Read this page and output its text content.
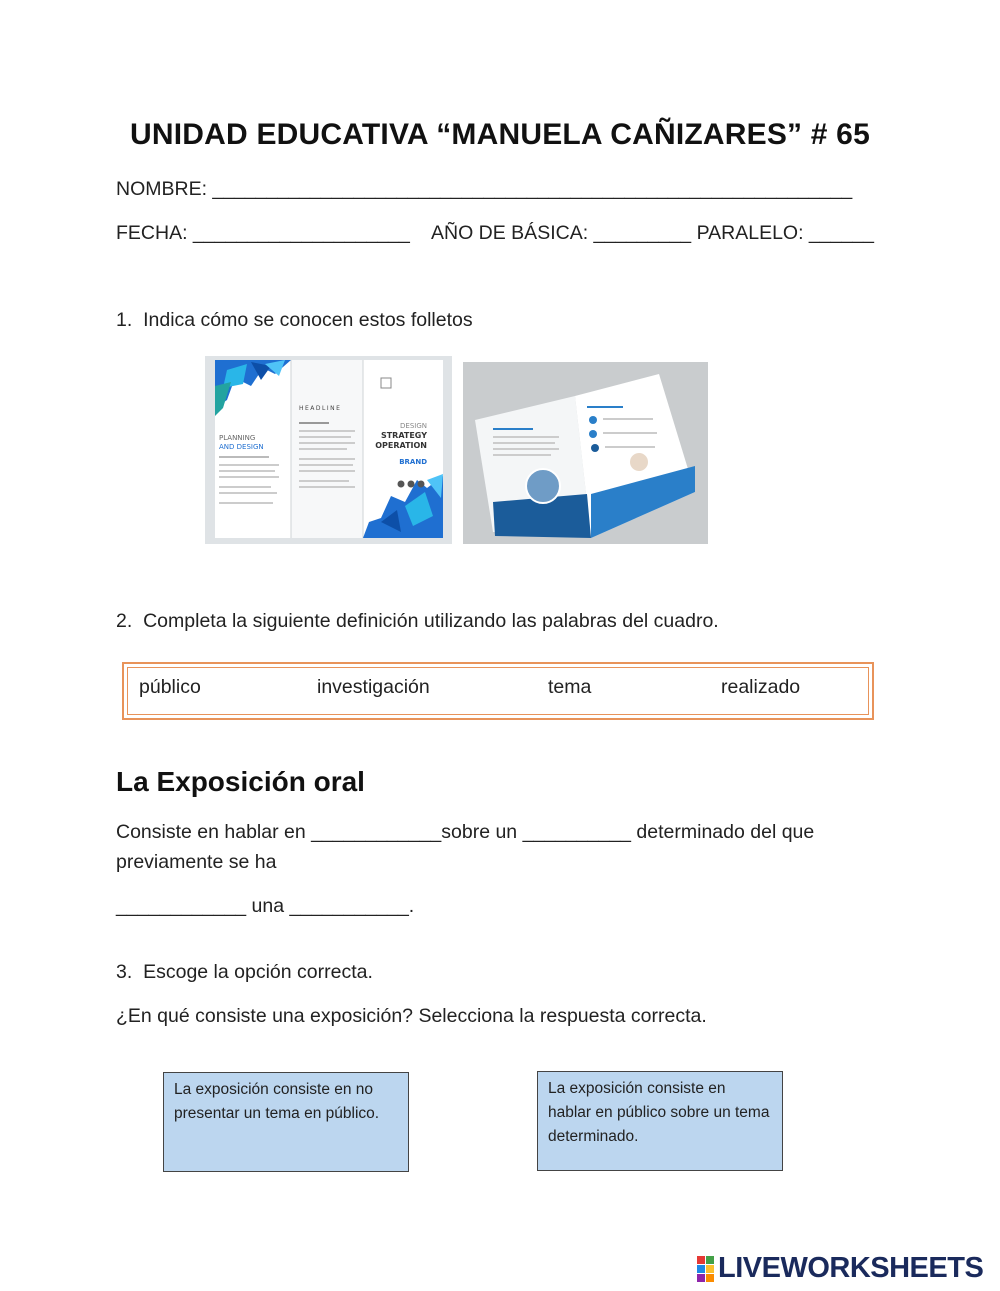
UNIDAD EDUCATIVA “MANUELA CAÑIZARES” # 65
NOMBRE: ___________________________________________________________
FECHA: ____________________ AÑO DE BÁSICA: _________ PARALELO: ______
1.  Indica cómo se conocen estos folletos
PLANNING
AND DESIGN
HEADLINE
DESIGN
STRATEGY
OPERATION
BRAND
2.  Completa la siguiente definición utilizando las palabras del cuadro.
público	investigación	tema	realizado
La Exposición oral
Consiste en hablar en ____________sobre un __________ determinado del que
previamente se ha
____________ una ___________.
3.  Escoge la opción correcta.
¿En qué consiste una exposición? Selecciona la respuesta correcta.
La exposición consiste en no presentar un tema en público.
La exposición consiste en hablar en público sobre un tema determinado.
LIVEWORKSHEETS
